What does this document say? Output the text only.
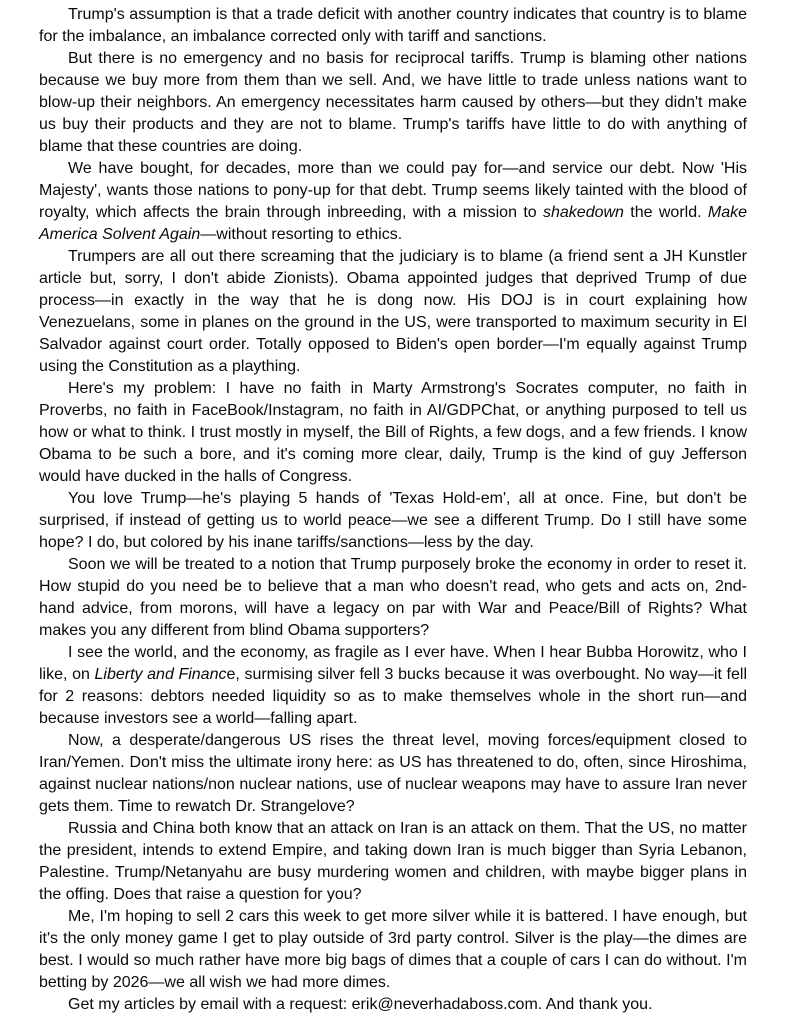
Trump's assumption is that a trade deficit with another country indicates that country is to blame for the imbalance, an imbalance corrected only with tariff and sanctions.

But there is no emergency and no basis for reciprocal tariffs. Trump is blaming other nations because we buy more from them than we sell. And, we have little to trade unless nations want to blow-up their neighbors. An emergency necessitates harm caused by others—but they didn't make us buy their products and they are not to blame. Trump's tariffs have little to do with anything of blame that these countries are doing.

We have bought, for decades, more than we could pay for—and service our debt. Now 'His Majesty', wants those nations to pony-up for that debt. Trump seems likely tainted with the blood of royalty, which affects the brain through inbreeding, with a mission to shakedown the world. Make America Solvent Again—without resorting to ethics.

Trumpers are all out there screaming that the judiciary is to blame (a friend sent a JH Kunstler article but, sorry, I don't abide Zionists). Obama appointed judges that deprived Trump of due process—in exactly in the way that he is dong now. His DOJ is in court explaining how Venezuelans, some in planes on the ground in the US, were transported to maximum security in El Salvador against court order. Totally opposed to Biden's open border—I'm equally against Trump using the Constitution as a plaything.

Here's my problem: I have no faith in Marty Armstrong's Socrates computer, no faith in Proverbs, no faith in FaceBook/Instagram, no faith in AI/GDPChat, or anything purposed to tell us how or what to think. I trust mostly in myself, the Bill of Rights, a few dogs, and a few friends. I know Obama to be such a bore, and it's coming more clear, daily, Trump is the kind of guy Jefferson would have ducked in the halls of Congress.

You love Trump—he's playing 5 hands of 'Texas Hold-em', all at once. Fine, but don't be surprised, if instead of getting us to world peace—we see a different Trump. Do I still have some hope? I do, but colored by his inane tariffs/sanctions—less by the day.

Soon we will be treated to a notion that Trump purposely broke the economy in order to reset it. How stupid do you need be to believe that a man who doesn't read, who gets and acts on, 2nd-hand advice, from morons, will have a legacy on par with War and Peace/Bill of Rights? What makes you any different from blind Obama supporters?

I see the world, and the economy, as fragile as I ever have. When I hear Bubba Horowitz, who I like, on Liberty and Finance, surmising silver fell 3 bucks because it was overbought. No way—it fell for 2 reasons: debtors needed liquidity so as to make themselves whole in the short run—and because investors see a world—falling apart.

Now, a desperate/dangerous US rises the threat level, moving forces/equipment closed to Iran/Yemen. Don't miss the ultimate irony here: as US has threatened to do, often, since Hiroshima, against nuclear nations/non nuclear nations, use of nuclear weapons may have to assure Iran never gets them. Time to rewatch Dr. Strangelove?

Russia and China both know that an attack on Iran is an attack on them. That the US, no matter the president, intends to extend Empire, and taking down Iran is much bigger than Syria Lebanon, Palestine. Trump/Netanyahu are busy murdering women and children, with maybe bigger plans in the offing. Does that raise a question for you?

Me, I'm hoping to sell 2 cars this week to get more silver while it is battered. I have enough, but it's the only money game I get to play outside of 3rd party control. Silver is the play—the dimes are best. I would so much rather have more big bags of dimes that a couple of cars I can do without. I'm betting by 2026—we all wish we had more dimes.

Get my articles by email with a request: erik@neverhadaboss.com. And thank you.
